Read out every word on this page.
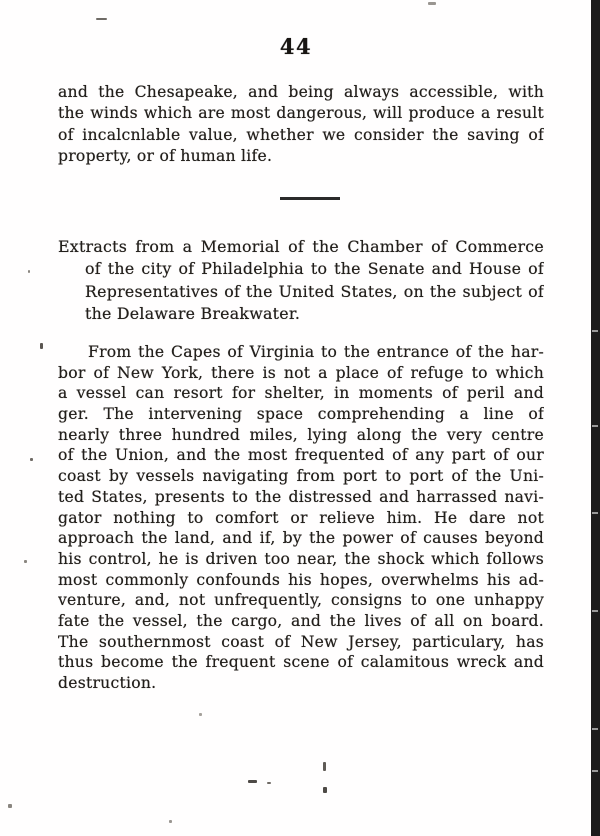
44
and the Chesapeake, and being always accessible, with
the winds which are most dangerous, will produce a result
of incalcnlable value, whether we consider the saving of
property, or of human life.
Extracts from a Memorial of the Chamber of Commerce
of the city of Philadelphia to the Senate and House of
Representatives of the United States, on the subject of
the Delaware Breakwater.
From the Capes of Virginia to the entrance of the har-
bor of New York, there is not a place of refuge to which
a vessel can resort for shelter, in moments of peril and
ger. The intervening space comprehending a line of
nearly three hundred miles, lying along the very centre
of the Union, and the most frequented of any part of our
coast by vessels navigating from port to port of the Uni-
ted States, presents to the distressed and harrassed navi-
gator nothing to comfort or relieve him. He dare not
approach the land, and if, by the power of causes beyond
his control, he is driven too near, the shock which follows
most commonly confounds his hopes, overwhelms his ad-
venture, and, not unfrequently, consigns to one unhappy
fate the vessel, the cargo, and the lives of all on board.
The southernmost coast of New Jersey, particulary, has
thus become the frequent scene of calamitous wreck and
destruction.
